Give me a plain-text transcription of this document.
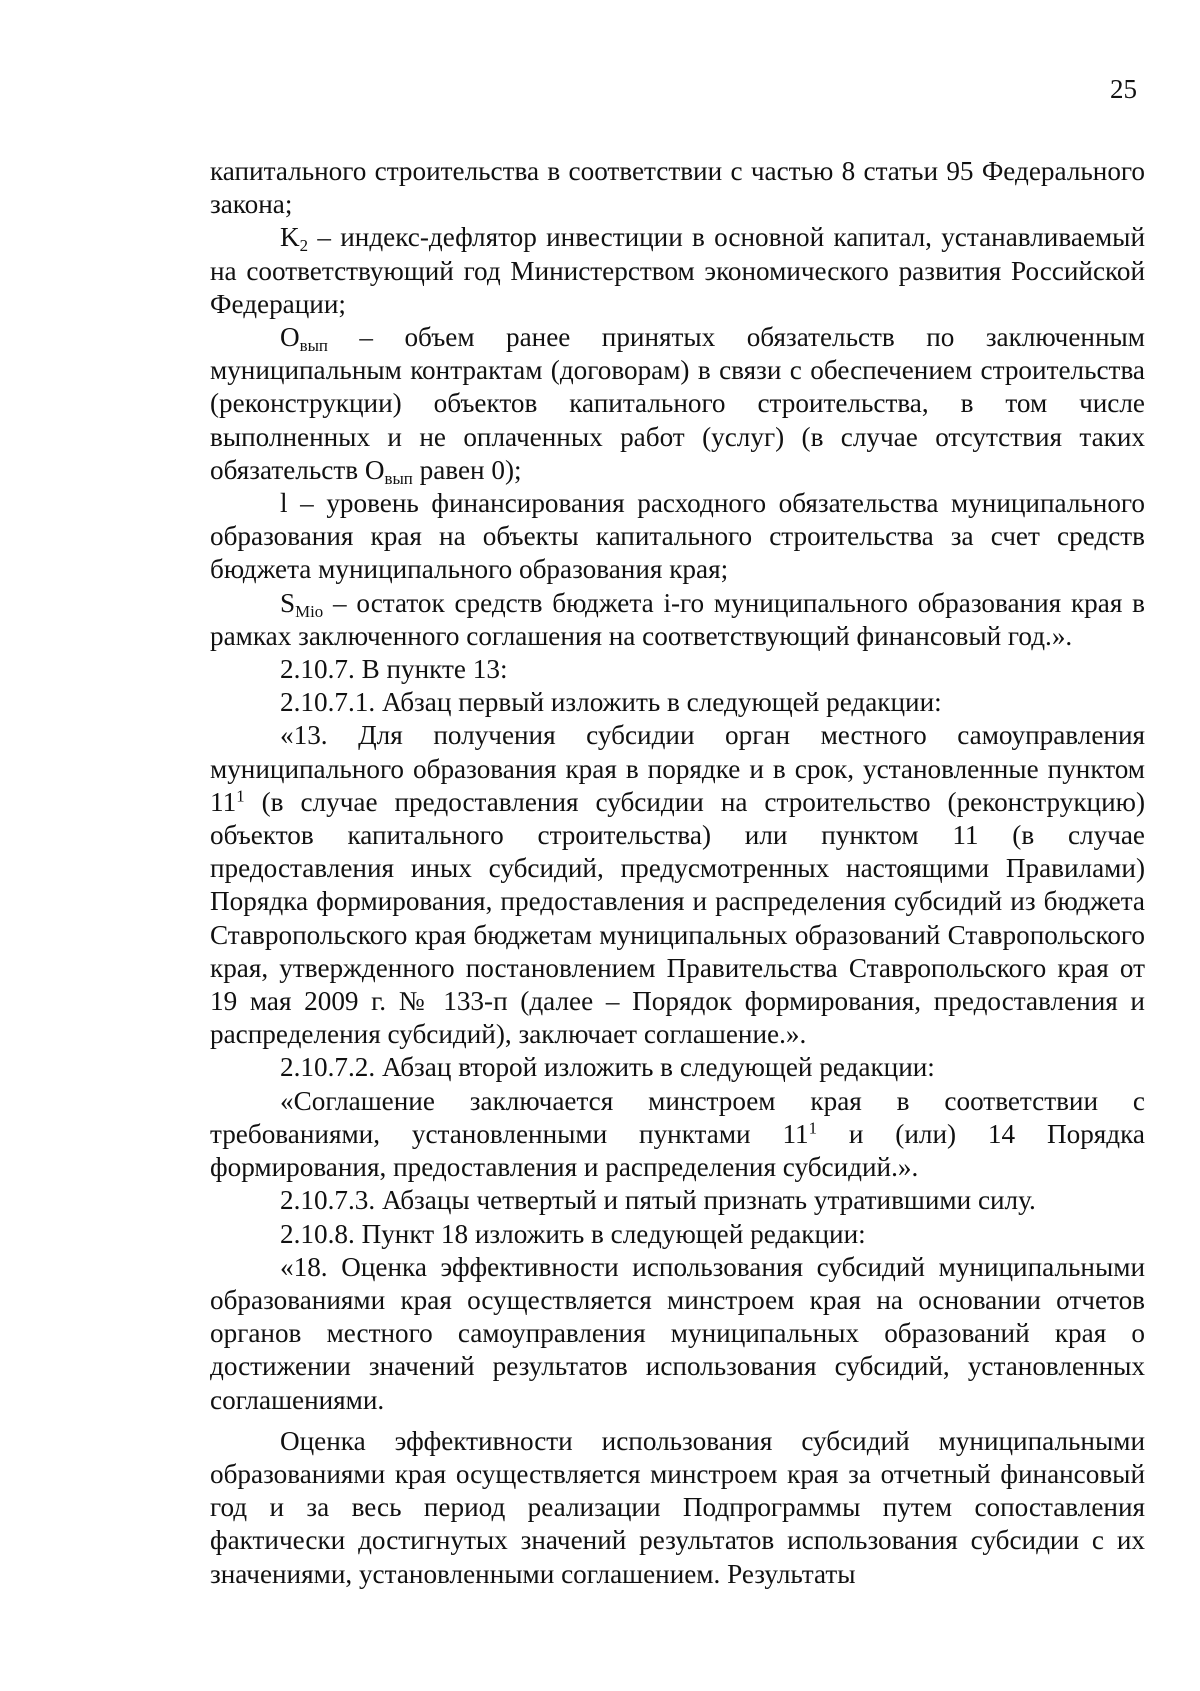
25

капитального строительства в соответствии с частью 8 статьи 95 Федерального закона;

$K_2$ – индекс-дефлятор инвестиции в основной капитал, устанавливаемый на соответствующий год Министерством экономического развития Российской Федерации;

$O_{вып}$ – объем ранее принятых обязательств по заключенным муниципальным контрактам (договорам) в связи с обеспечением строительства (реконструкции) объектов капитального строительства, в том числе выполненных и не оплаченных работ (услуг) (в случае отсутствия таких обязательств $O_{вып}$ равен 0);

l – уровень финансирования расходного обязательства муниципального образования края на объекты капитального строительства за счет средств бюджета муниципального образования края;

$S_{Mio}$ – остаток средств бюджета i-го муниципального образования края в рамках заключенного соглашения на соответствующий финансовый год.».

2.10.7. В пункте 13:

2.10.7.1. Абзац первый изложить в следующей редакции:

«13. Для получения субсидии орган местного самоуправления муниципального образования края в порядке и в срок, установленные пунктом $11^1$ (в случае предоставления субсидии на строительство (реконструкцию) объектов капитального строительства) или пунктом 11 (в случае предоставления иных субсидий, предусмотренных настоящими Правилами) Порядка формирования, предоставления и распределения субсидий из бюджета Ставропольского края бюджетам муниципальных образований Ставропольского края, утвержденного постановлением Правительства Ставропольского края от 19 мая 2009 г. № 133-п (далее – Порядок формирования, предоставления и распределения субсидий), заключает соглашение.».

2.10.7.2. Абзац второй изложить в следующей редакции:

«Соглашение заключается минстроем края в соответствии с требованиями, установленными пунктами $11^1$ и (или) 14 Порядка формирования, предоставления и распределения субсидий.».

2.10.7.3. Абзацы четвертый и пятый признать утратившими силу.

2.10.8. Пункт 18 изложить в следующей редакции:

«18. Оценка эффективности использования субсидий муниципальными образованиями края осуществляется минстроем края на основании отчетов органов местного самоуправления муниципальных образований края о достижении значений результатов использования субсидий, установленных соглашениями.

Оценка эффективности использования субсидий муниципальными образованиями края осуществляется минстроем края за отчетный финансовый год и за весь период реализации Подпрограммы путем сопоставления фактически достигнутых значений результатов использования субсидии с их значениями, установленными соглашением. Результаты
